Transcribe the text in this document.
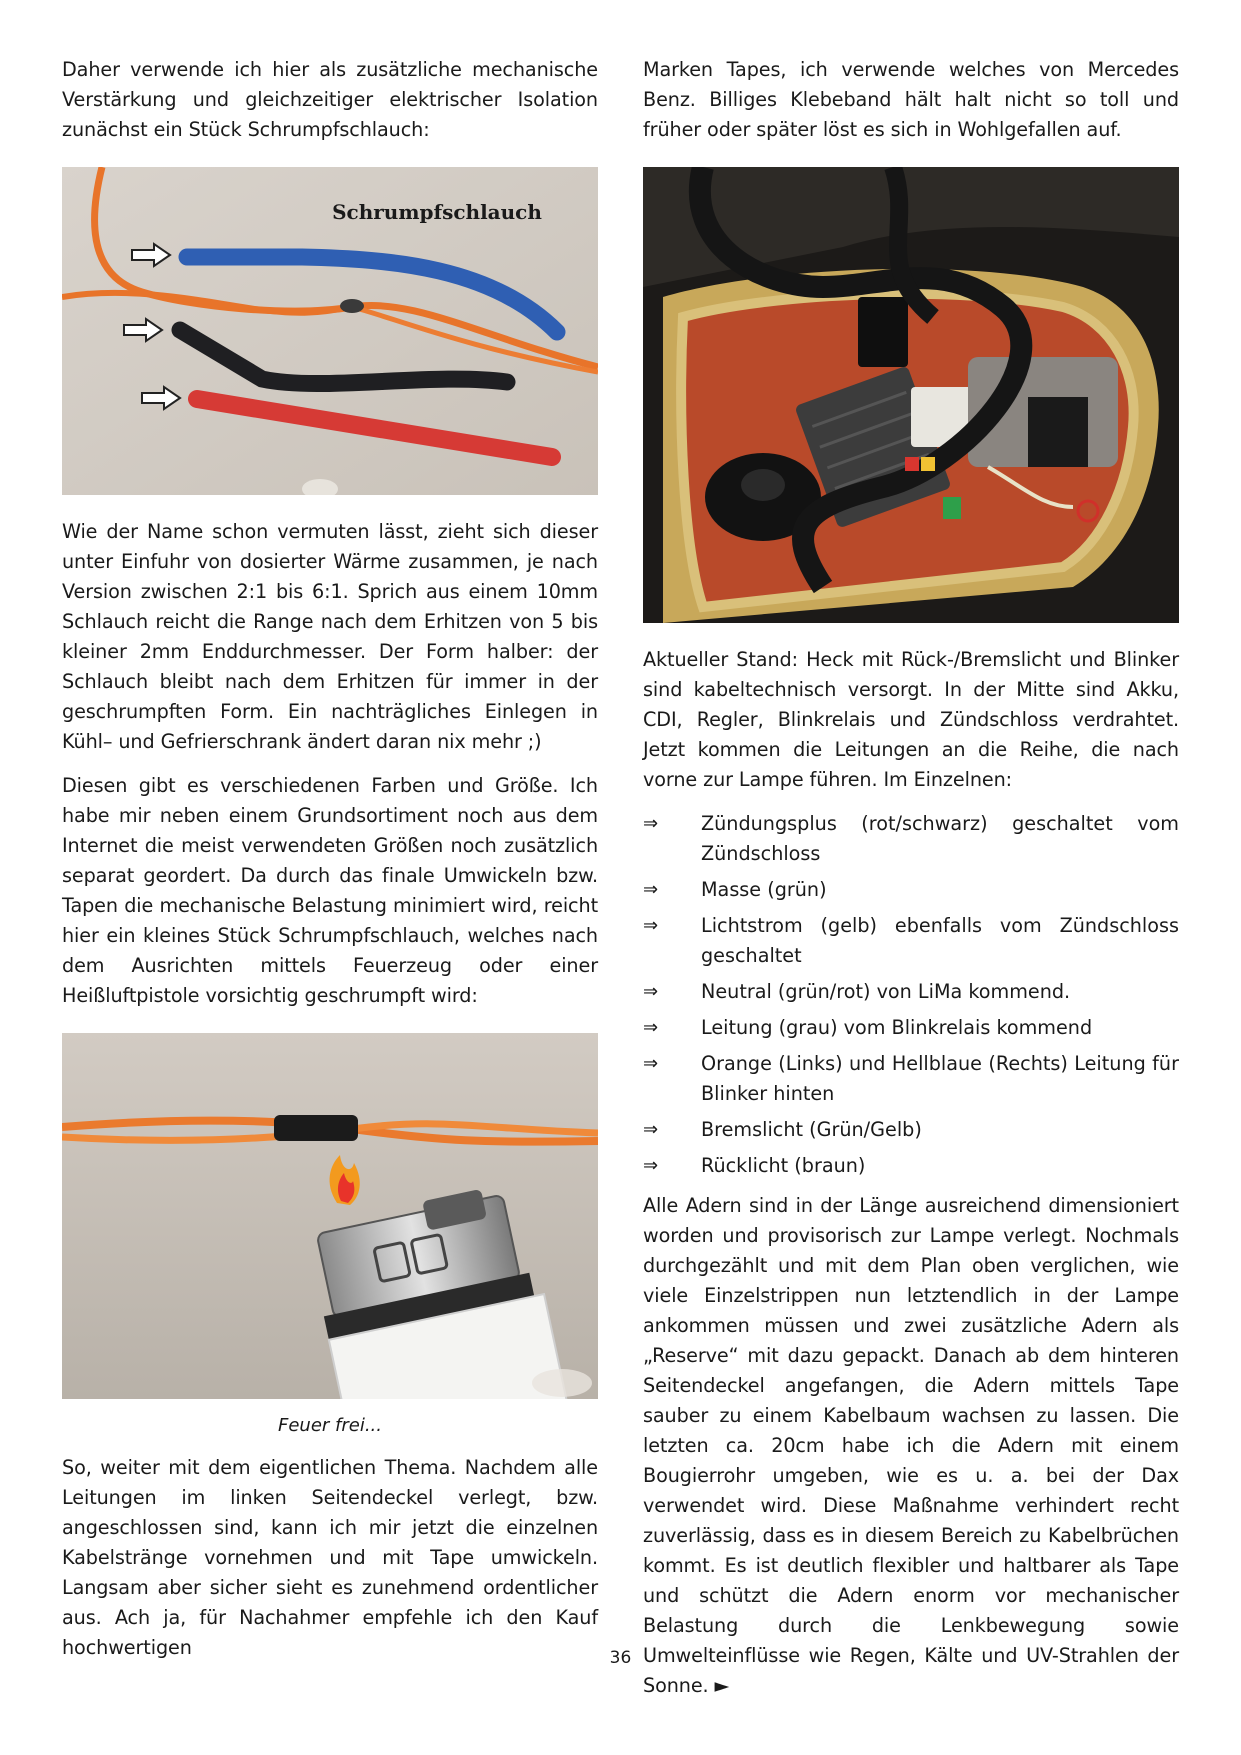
Daher verwende ich hier als zusätzliche mechanische Verstärkung und gleichzeitiger elektrischer Isolation zunächst ein Stück Schrumpfschlauch:

Schrumpfschlauch

Wie der Name schon vermuten lässt, zieht sich dieser unter Einfuhr von dosierter Wärme zusammen, je nach Version zwischen 2:1 bis 6:1. Sprich aus einem 10mm Schlauch reicht die Range nach dem Erhitzen von 5 bis kleiner 2mm Enddurchmesser. Der Form halber: der Schlauch bleibt nach dem Erhitzen für immer in der geschrumpften Form. Ein nachträgliches Einlegen in Kühl– und Gefrierschrank ändert daran nix mehr ;)

Diesen gibt es verschiedenen Farben und Größe. Ich habe mir neben einem Grundsortiment noch aus dem Internet die meist verwendeten Größen noch zusätzlich separat geordert. Da durch das finale Umwickeln bzw. Tapen die mechanische Belastung minimiert wird, reicht hier ein kleines Stück Schrumpfschlauch, welches nach dem Ausrichten mittels Feuerzeug oder einer Heißluftpistole vorsichtig geschrumpft wird:

Feuer frei...

So, weiter mit dem eigentlichen Thema. Nachdem alle Leitungen im linken Seitendeckel verlegt, bzw. angeschlossen sind, kann ich mir jetzt die einzelnen Kabelstränge vornehmen und mit Tape umwickeln. Langsam aber sicher sieht es zunehmend ordentlicher aus. Ach ja, für Nachahmer empfehle ich den Kauf hochwertigen

Marken Tapes, ich verwende welches von Mercedes Benz. Billiges Klebeband hält halt nicht so toll und früher oder später löst es sich in Wohlgefallen auf.

Aktueller Stand: Heck mit Rück-/Bremslicht und Blinker sind kabeltechnisch versorgt. In der Mitte sind Akku, CDI, Regler, Blinkrelais und Zündschloss verdrahtet. Jetzt kommen die Leitungen an die Reihe, die nach vorne zur Lampe führen. Im Einzelnen:

⇒ Zündungsplus (rot/schwarz) geschaltet vom Zündschloss
⇒ Masse (grün)
⇒ Lichtstrom (gelb) ebenfalls vom Zündschloss geschaltet
⇒ Neutral (grün/rot) von LiMa kommend.
⇒ Leitung (grau) vom Blinkrelais kommend
⇒ Orange (Links) und Hellblaue (Rechts) Leitung für Blinker hinten
⇒ Bremslicht (Grün/Gelb)
⇒ Rücklicht (braun)

Alle Adern sind in der Länge ausreichend dimensioniert worden und provisorisch zur Lampe verlegt. Nochmals durchgezählt und mit dem Plan oben verglichen, wie viele Einzelstrippen nun letztendlich in der Lampe ankommen müssen und zwei zusätzliche Adern als „Reserve“ mit dazu gepackt. Danach ab dem hinteren Seitendeckel angefangen, die Adern mittels Tape sauber zu einem Kabelbaum wachsen zu lassen. Die letzten ca. 20cm habe ich die Adern mit einem Bougierrohr umgeben, wie es u. a. bei der Dax verwendet wird. Diese Maßnahme verhindert recht zuverlässig, dass es in diesem Bereich zu Kabelbrüchen kommt. Es ist deutlich flexibler und haltbarer als Tape und schützt die Adern enorm vor mechanischer Belastung durch die Lenkbewegung sowie Umwelteinflüsse wie Regen, Kälte und UV-Strahlen der Sonne. ►

36
